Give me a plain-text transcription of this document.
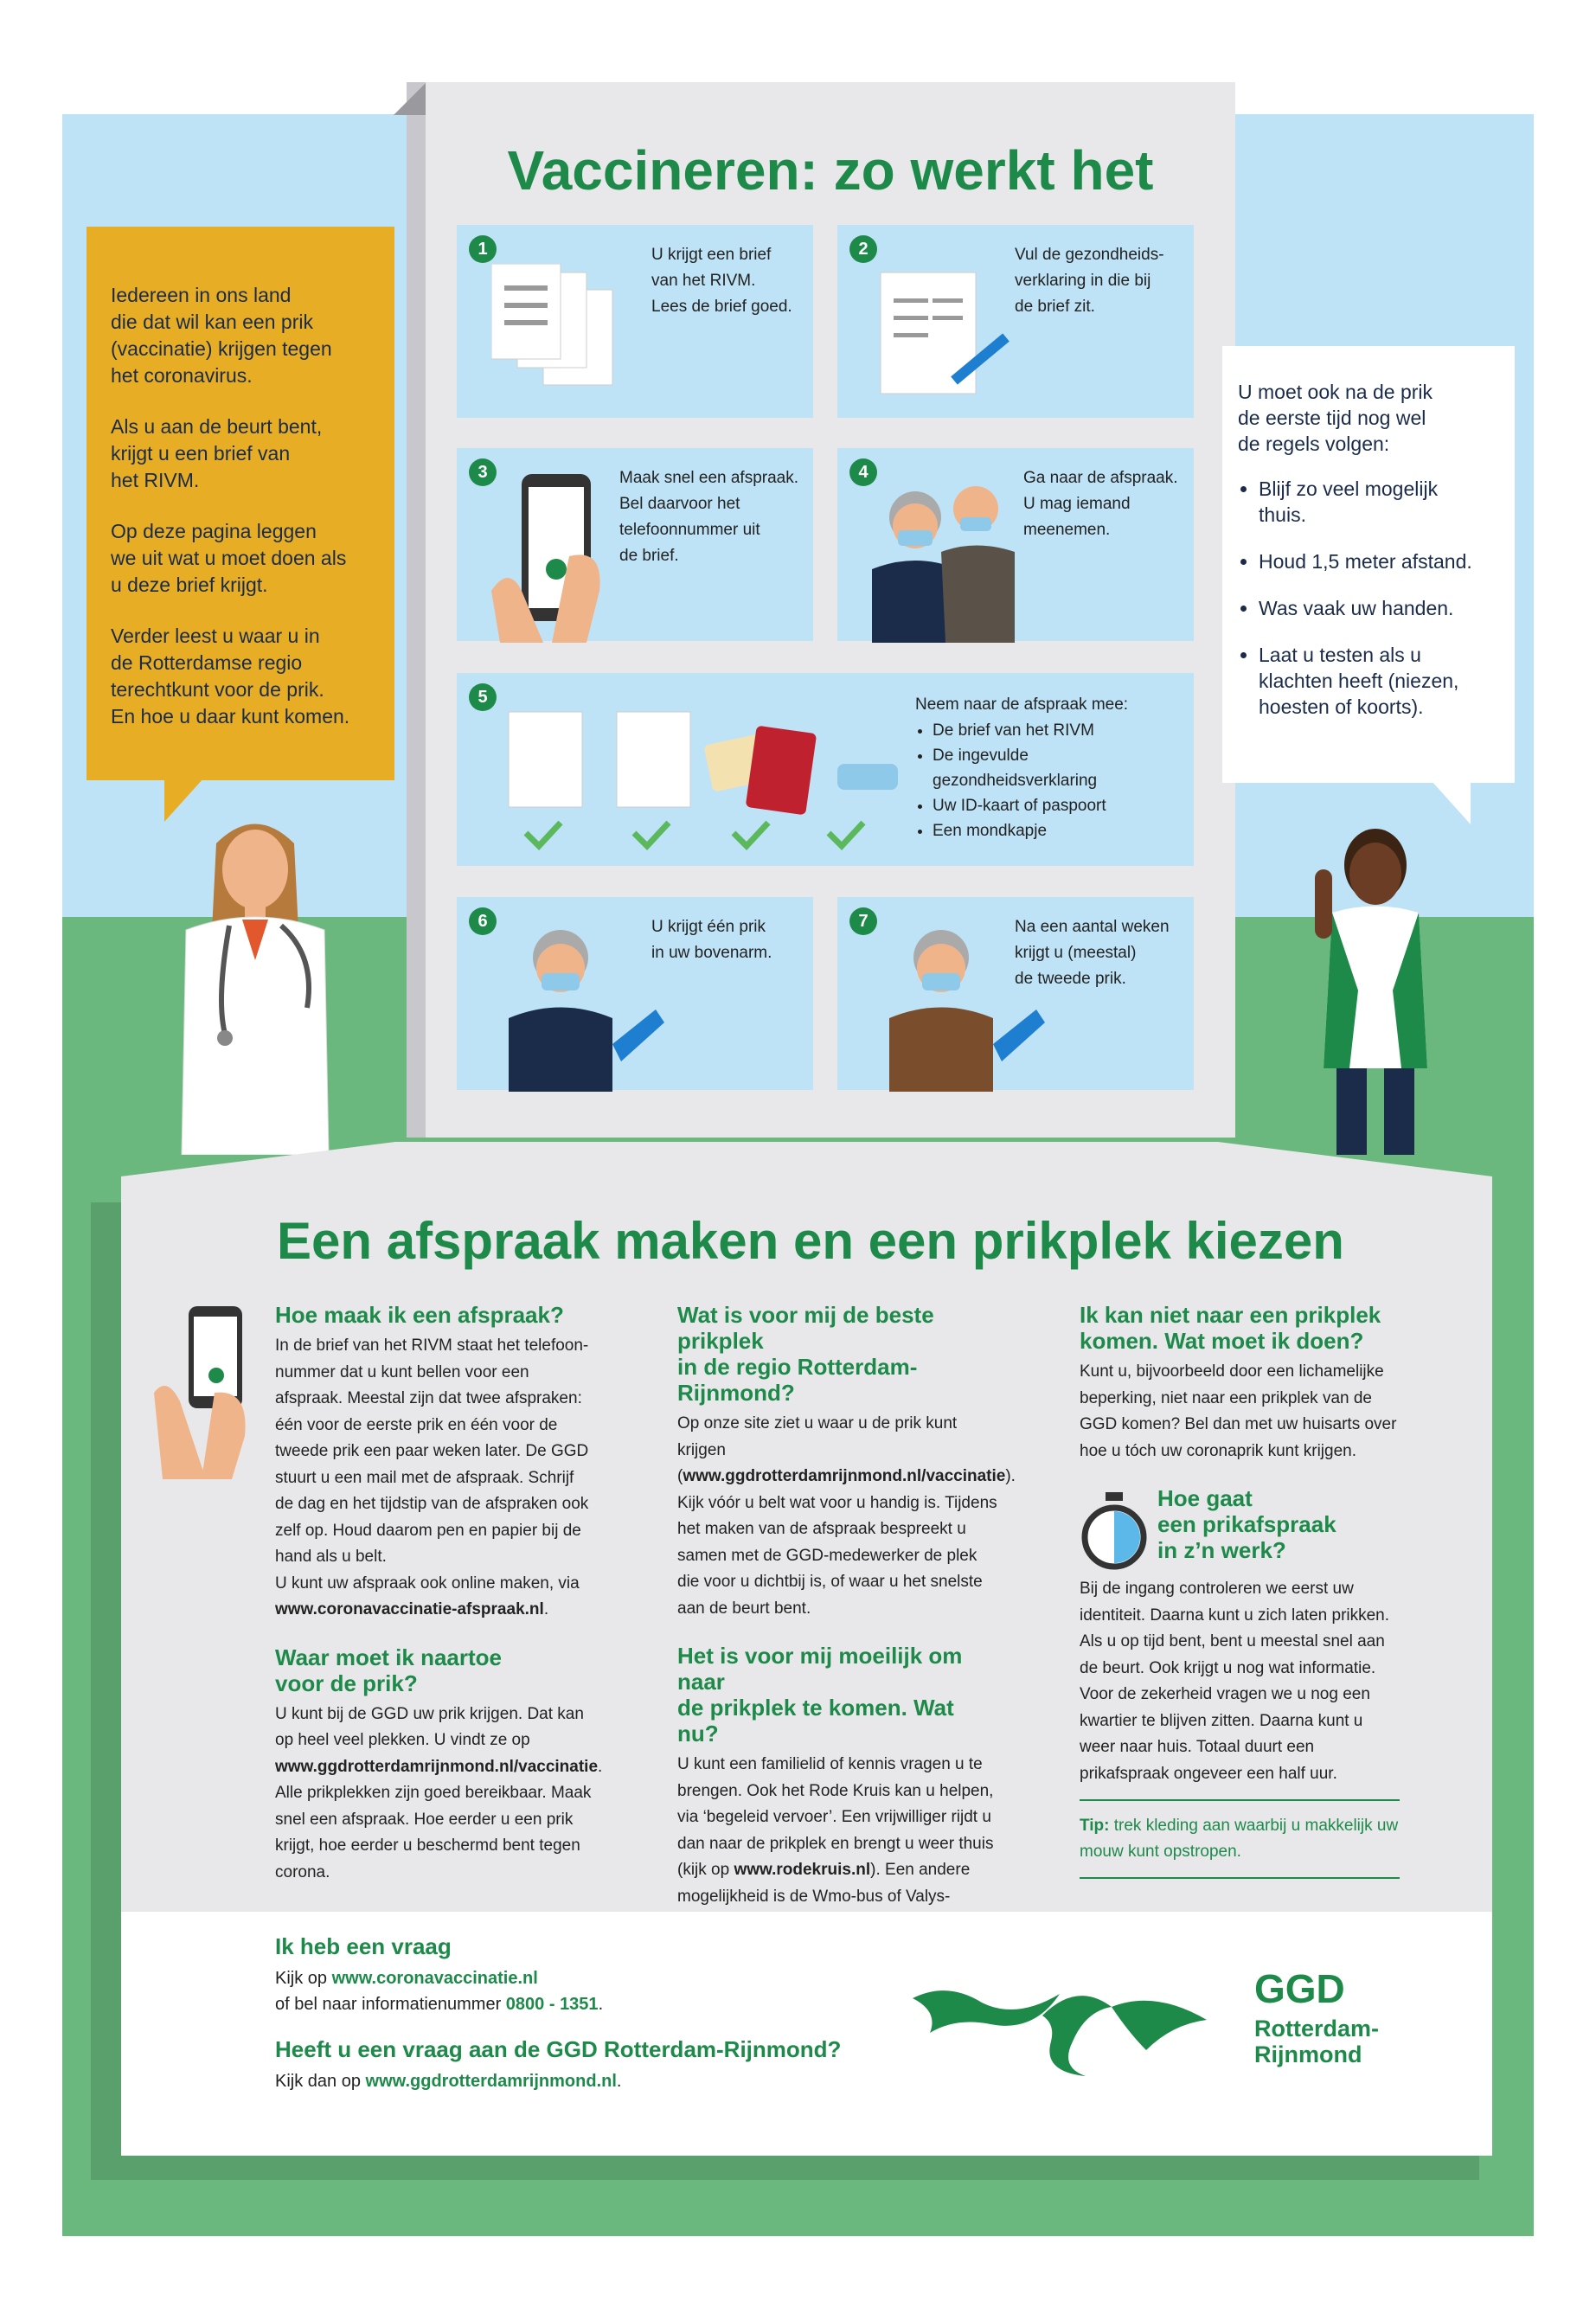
Vaccineren: zo werkt het

Iedereen in ons land
die dat wil kan een prik
(vaccinatie) krijgen tegen
het coronavirus.

Als u aan de beurt bent,
krijgt u een brief van
het RIVM.

Op deze pagina leggen
we uit wat u moet doen als
u deze brief krijgt.

Verder leest u waar u in
de Rotterdamse regio
terechtkunt voor de prik.
En hoe u daar kunt komen.

U moet ook na de prik
de eerste tijd nog wel
de regels volgen:
• Blijf zo veel mogelijk
thuis.
• Houd 1,5 meter afstand.
• Was vaak uw handen.
• Laat u testen als u
klachten heeft (niezen,
hoesten of koorts).
1	U krijgt een brief
van het RIVM.
Lees de brief goed.
2	Vul de gezondheids-
verklaring in die bij
de brief zit.
3	Maak snel een afspraak.
Bel daarvoor het
telefoonnummer uit
de brief.
4	Ga naar de afspraak.
U mag iemand
meenemen.
5	Neem naar de afspraak mee:
• De brief van het RIVM
• De ingevulde
gezondheidsverklaring
• Uw ID-kaart of paspoort
• Een mondkapje
6	U krijgt één prik
in uw bovenarm.
7	Na een aantal weken
krijgt u (meestal)
de tweede prik.
Een afspraak maken en een prikplek kiezen
Hoe maak ik een afspraak?

In de brief van het RIVM staat het telefoon-nummer dat u kunt bellen voor een afspraak. Meestal zijn dat twee afspraken: één voor de eerste prik en één voor de tweede prik een paar weken later. De GGD stuurt u een mail met de afspraak. Schrijf de dag en het tijdstip van de afspraken ook zelf op. Houd daarom pen en papier bij de hand als u belt.
U kunt uw afspraak ook online maken, via www.coronavaccinatie-afspraak.nl.

Waar moet ik naartoe
voor de prik?

U kunt bij de GGD uw prik krijgen. Dat kan op heel veel plekken. U vindt ze op www.ggdrotterdamrijnmond.nl/vaccinatie. Alle prikplekken zijn goed bereikbaar. Maak snel een afspraak. Hoe eerder u een prik krijgt, hoe eerder u beschermd bent tegen corona.

Wat is voor mij de beste prikplek
in de regio Rotterdam-Rijnmond?

Op onze site ziet u waar u de prik kunt krijgen (www.ggdrotterdamrijnmond.nl/vaccinatie). Kijk vóór u belt wat voor u handig is. Tijdens het maken van de afspraak bespreekt u samen met de GGD-medewerker de plek die voor u dichtbij is, of waar u het snelste aan de beurt bent.

Het is voor mij moeilijk om naar
de prikplek te komen. Wat nu?

U kunt een familielid of kennis vragen u te brengen. Ook het Rode Kruis kan u helpen, via ‘begeleid vervoer’. Een vrijwilliger rijdt u dan naar de prikplek en brengt u weer thuis (kijk op www.rodekruis.nl). Een andere mogelijkheid is de Wmo-bus of Valys-

Ik kan niet naar een prikplek
komen. Wat moet ik doen?

Kunt u, bijvoorbeeld door een lichamelijke beperking, niet naar een prikplek van de GGD komen? Bel dan met uw huisarts over hoe u tóch uw coronaprik kunt krijgen.

Hoe gaat
een prikafspraak
in z’n werk?

Bij de ingang controleren we eerst uw identiteit. Daarna kunt u zich laten prikken. Als u op tijd bent, bent u meestal snel aan de beurt. Ook krijgt u nog wat informatie. Voor de zekerheid vragen we u nog een kwartier te blijven zitten. Daarna kunt u weer naar huis. Totaal duurt een prikafspraak ongeveer een half uur.

Tip: trek kleding aan waarbij u makkelijk uw mouw kunt opstropen.
Ik heb een vraag
Kijk op www.coronavaccinatie.nl
of bel naar informatienummer 0800 - 1351.
Heeft u een vraag aan de GGD Rotterdam-Rijnmond?
Kijk dan op www.ggdrotterdamrijnmond.nl.
GGD
Rotterdam-
Rijnmond
